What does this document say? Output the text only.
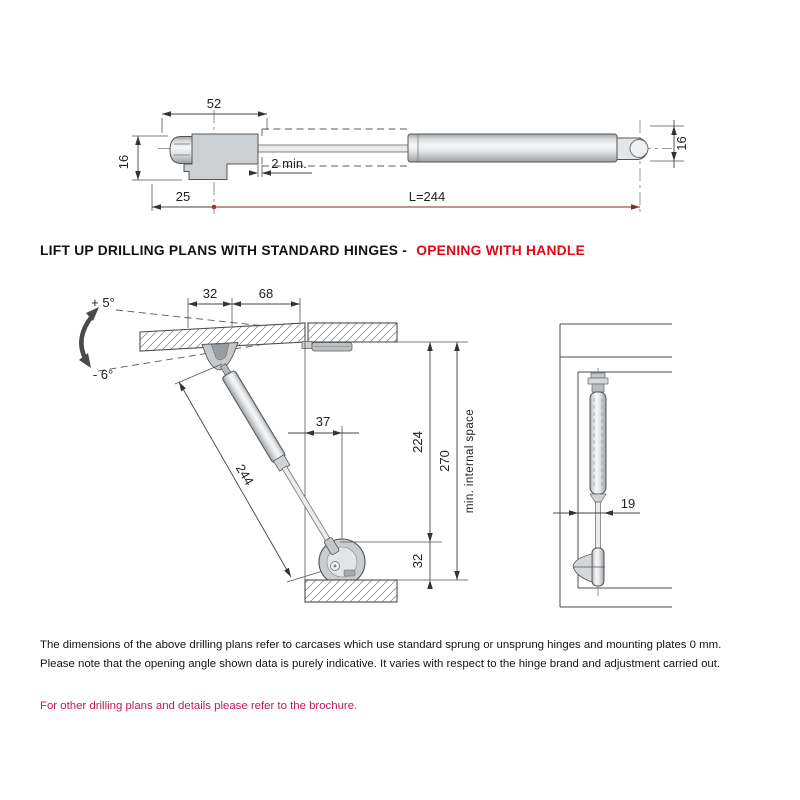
52
16
25	L=244
2 min.
16
LIFT UP DRILLING PLANS WITH STANDARD HINGES - OPENING WITH HANDLE
+ 5°
- 6°
244
32	68
37
224
270
32
min. internal space	19
The dimensions of the above drilling plans refer to carcases which use standard sprung or unsprung hinges and mounting plates 0 mm.
Please note that the opening angle shown data is purely indicative. It varies with respect to the hinge brand and adjustment carried out.
For other drilling plans and details please refer to the brochure.
